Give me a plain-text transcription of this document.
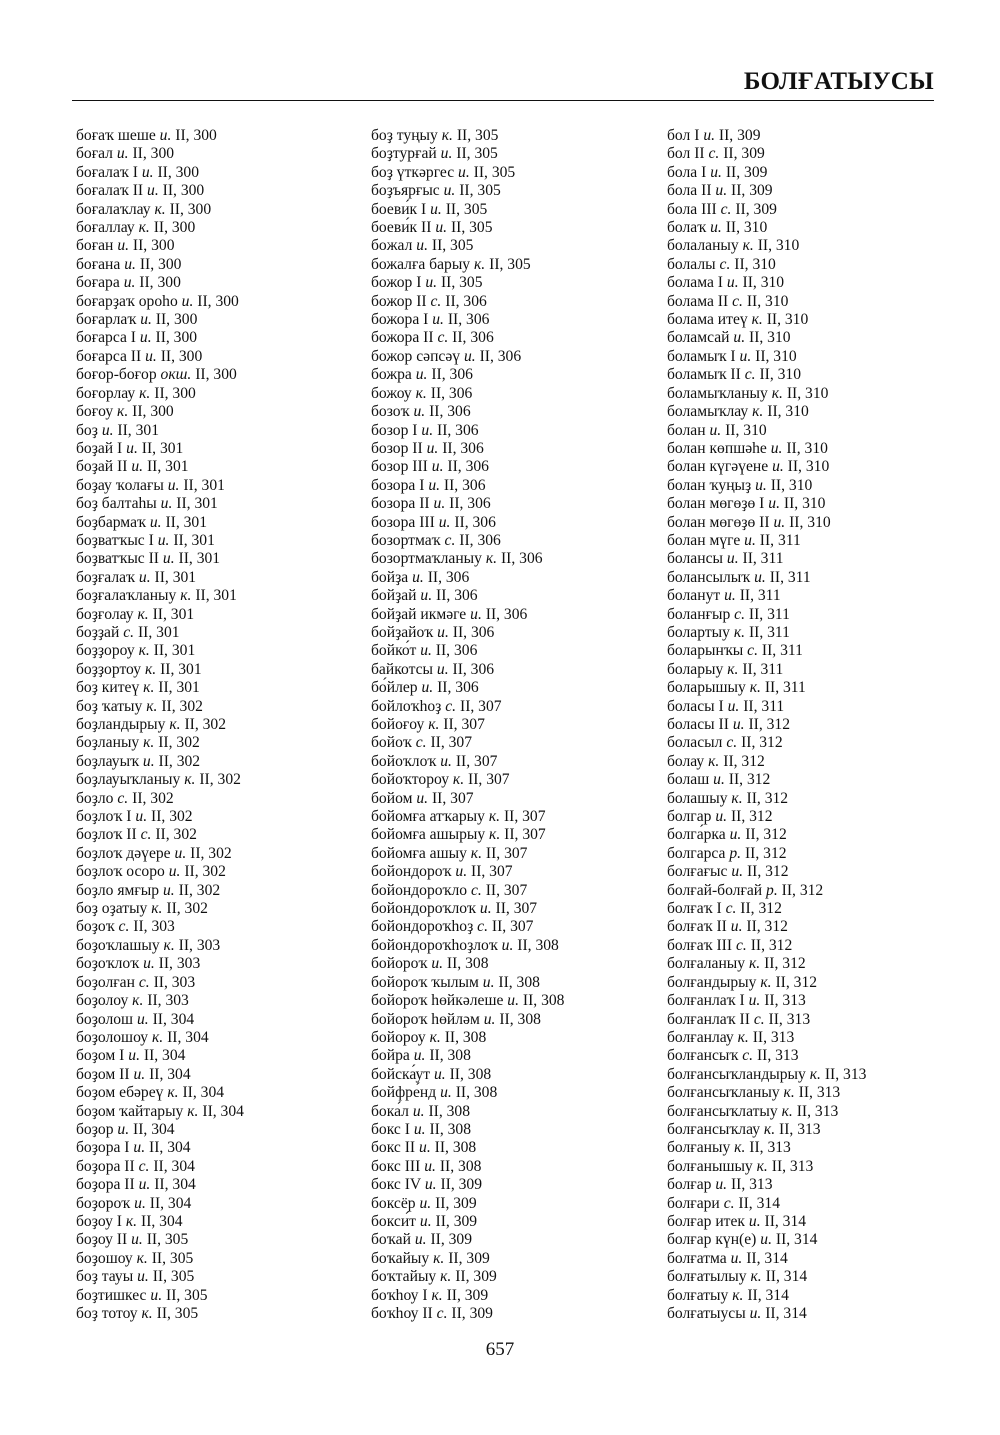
БОЛҒАТЫУСЫ
боғаҡ шеше и. II, 300
боғал и. II, 300
боғалаҡ I и. II, 300
боғалаҡ II и. II, 300
боғалаҡлау к. II, 300
боғаллау к. II, 300
боған и. II, 300
боғана и. II, 300
боғара и. II, 300
боғарҙаҡ ороһо и. II, 300
боғарлаҡ и. II, 300
боғарса I и. II, 300
боғарса II и. II, 300
боғор-боғор окш. II, 300
боғорлау к. II, 300
боғоу к. II, 300
боҙ и. II, 301
боҙай I и. II, 301
боҙай II и. II, 301
боҙау ҡолағы и. II, 301
боҙ балтаһы и. II, 301
боҙбармаҡ и. II, 301
боҙватҡыс I и. II, 301
боҙватҡыс II и. II, 301
боҙғалаҡ и. II, 301
боҙғалаҡланыу к. II, 301
боҙғолау к. II, 301
боҙҙай с. II, 301
боҙҙороу к. II, 301
боҙҙортоу к. II, 301
боҙ китеү к. II, 301
боҙ ҡатыу к. II, 302
боҙландырыу к. II, 302
боҙланыу к. II, 302
боҙлауыҡ и. II, 302
боҙлауыҡланыу к. II, 302
боҙло с. II, 302
боҙлоҡ I и. II, 302
боҙлоҡ II с. II, 302
боҙлоҡ дәүере и. II, 302
боҙлоҡ осоро и. II, 302
боҙло ямғыр и. II, 302
боҙ оҙатыу к. II, 302
боҙоҡ с. II, 303
боҙоҡлашыу к. II, 303
боҙоҡлоҡ и. II, 303
боҙолған с. II, 303
боҙолоу к. II, 303
боҙолош и. II, 304
боҙолошоу к. II, 304
боҙом I и. II, 304
боҙом II и. II, 304
боҙом ебәреү к. II, 304
боҙом ҡайтарыу к. II, 304
боҙор и. II, 304
боҙора I и. II, 304
боҙора II с. II, 304
боҙора II и. II, 304
боҙороҡ и. II, 304
боҙоу I к. II, 304
боҙоу II и. II, 305
боҙошоу к. II, 305
боҙ тауы и. II, 305
боҙтишкес и. II, 305
боҙ тотоу к. II, 305
боҙ туңыу к. II, 305
боҙтурғай и. II, 305
боҙ үткәргес и. II, 305
боҙъярғыс и. II, 305
боеви́к I и. II, 305
боеви́к II и. II, 305
бoжал и. II, 305
божалға барыу к. II, 305
божор I и. II, 305
божор II с. II, 306
божора I и. II, 306
божора II с. II, 306
божор сәпсәү и. II, 306
божра и. II, 306
божоу к. II, 306
бозоҡ и. II, 306
бозор I и. II, 306
бозор II и. II, 306
бозор III и. II, 306
бозора I и. II, 306
бозора II и. II, 306
бозора III и. II, 306
бозортмаҡ с. II, 306
бозортмаҡланыу к. II, 306
бойҙа и. II, 306
бойҙай и. II, 306
бойҙай икмәге и. II, 306
бойҙайоҡ и. II, 306
бойко́т и. II, 306
байкотсы и. II, 306
бо́йлер и. II, 306
бойлоҡһоҙ с. II, 307
бойоғоу к. II, 307
бойоҡ с. II, 307
бойоҡлоҡ и. II, 307
бойоҡтороу к. II, 307
бойом и. II, 307
бойомға атҡарыу к. II, 307
бойомға ашырыу к. II, 307
бойомға ашыу к. II, 307
бойондороҡ и. II, 307
бойондороҡло с. II, 307
бойондороҡлоҡ и. II, 307
бойондороҡһоҙ с. II, 307
бойондороҡһоҙлоҡ и. II, 308
бойороҡ и. II, 308
бойороҡ ҡылым и. II, 308
бойороҡ һөйкәлеше и. II, 308
бойороҡ һөйләм и. II, 308
бойороу к. II, 308
бойра и. II, 308
бойска́ут и. II, 308
бойфре́нд и. II, 308
бока́л и. II, 308
бокс I и. II, 308
бокс II и. II, 308
бокс III и. II, 308
бокс IV и. II, 309
боксёр и. II, 309
бокси́т и. II, 309
боҡай и. II, 309
боҡайыу к. II, 309
боҡтайыу к. II, 309
боҡһоу I к. II, 309
боҡһоу II с. II, 309
бол I и. II, 309
бол II с. II, 309
бола I и. II, 309
бола II и. II, 309
бола III с. II, 309
болаҡ и. II, 310
болаланыу к. II, 310
болалы с. II, 310
болама I и. II, 310
болама II с. II, 310
болама итеү к. II, 310
боламсай и. II, 310
боламыҡ I и. II, 310
боламыҡ II с. II, 310
боламыҡланыу к. II, 310
боламыҡлау к. II, 310
болан и. II, 310
болан көпшәһе и. II, 310
болан күгәүене и. II, 310
болан ҡуңыҙ и. II, 310
болан мөгөҙө I и. II, 310
болан мөгөҙө II и. II, 310
болан мүге и. II, 311
болансы и. II, 311
болансылыҡ и. II, 311
боланут и. II, 311
боланғыр с. II, 311
болартыу к. II, 311
боларынҡы с. II, 311
боларыу к. II, 311
боларышыу к. II, 311
боласы I и. II, 311
боласы II и. II, 312
боласыл с. II, 312
болау к. II, 312
болаш и. II, 312
болашыу к. II, 312
болгар и. II, 312
болга́рка и. II, 312
болгарса р. II, 312
болғағыс и. II, 312
болғай-болғай р. II, 312
болғаҡ I с. II, 312
болғаҡ II и. II, 312
болғаҡ III с. II, 312
болғаланыу к. II, 312
болғандырыу к. II, 312
болғанлаҡ I и. II, 313
болғанлаҡ II с. II, 313
болғанлау к. II, 313
болғансыҡ с. II, 313
болғансыҡландырыу к. II, 313
болғансыҡланыу к. II, 313
болғансыҡлатыу к. II, 313
болғансыҡлау к. II, 313
болғаныу к. II, 313
болғанышыу к. II, 313
болғар и. II, 313
болғари с. II, 314
болғар итек и. II, 314
болғар күн(е) и. II, 314
болғатма и. II, 314
болғатылыу к. II, 314
болғатыу к. II, 314
болғатыусы и. II, 314
657
